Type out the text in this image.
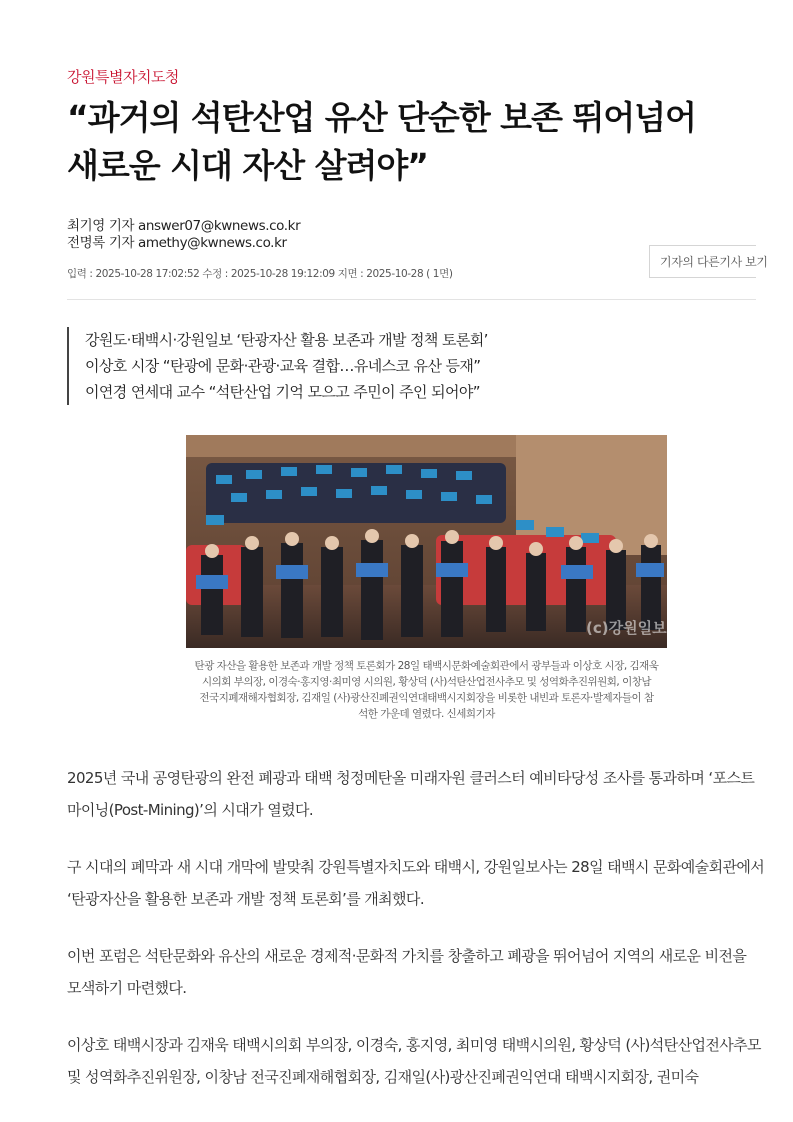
강원특별자치도청
“과거의 석탄산업 유산 단순한 보존 뛰어넘어
새로운 시대 자산 살려야”
최기영 기자 answer07@kwnews.co.kr
전명록 기자 amethy@kwnews.co.kr
입력 : 2025-10-28 17:02:52 수정 : 2025-10-28 19:12:09 지면 : 2025-10-28 ( 1면)
기자의 다른기사 보기
강원도·태백시·강원일보 ‘탄광자산 활용 보존과 개발 정책 토론회’
이상호 시장 “탄광에 문화·관광·교육 결합…유네스코 유산 등재”
이연경 연세대 교수 “석탄산업 기억 모으고 주민이 주인 되어야”
(c)강원일보
탄광 자산을 활용한 보존과 개발 정책 토론회가 28일 태백시문화예술회관에서 광부들과 이상호 시장, 김재욱
시의회 부의장, 이경숙·홍지영·최미영 시의원, 황상덕 (사)석탄산업전사추모 및 성역화추진위원회, 이창남
전국지폐재해자협회장, 김재일 (사)광산진폐권익연대태백시지회장을 비롯한 내빈과 토론자·발제자들이 참
석한 가운데 열렸다. 신세희기자
2025년 국내 공영탄광의 완전 폐광과 태백 청정메탄올 미래자원 클러스터 예비타당성 조사를 통과하며 ‘포스트
마이닝(Post-Mining)’의 시대가 열렸다.
구 시대의 폐막과 새 시대 개막에 발맞춰 강원특별자치도와 태백시, 강원일보사는 28일 태백시 문화예술회관에서
‘탄광자산을 활용한 보존과 개발 정책 토론회’를 개최했다.
이번 포럼은 석탄문화와 유산의 새로운 경제적·문화적 가치를 창출하고 폐광을 뛰어넘어 지역의 새로운 비전을
모색하기 마련했다.
이상호 태백시장과 김재욱 태백시의회 부의장, 이경숙, 홍지영, 최미영 태백시의원, 황상덕 (사)석탄산업전사추모
및 성역화추진위원장, 이창남 전국진폐재해협회장, 김재일(사)광산진폐권익연대 태백시지회장, 권미숙
